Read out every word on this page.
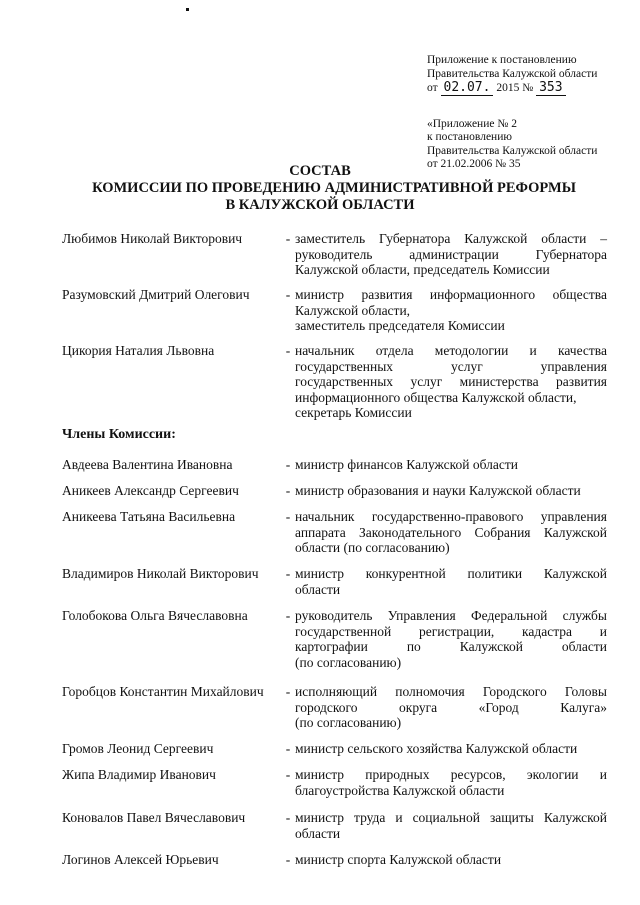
Приложение к постановлению
Правительства Калужской области
от 02.07. 2015 № 353
«Приложение № 2
к постановлению
Правительства Калужской области
от 21.02.2006 № 35
СОСТАВ
КОМИССИИ ПО ПРОВЕДЕНИЮ АДМИНИСТРАТИВНОЙ РЕФОРМЫ
В КАЛУЖСКОЙ ОБЛАСТИ
Члены Комиссии:
Любимов Николай Викторович	- заместитель Губернатора Калужской области –
руководитель администрации Губернатора
Калужской области, председатель Комиссии
Разумовский Дмитрий Олегович	- министр развития информационного общества
Калужской области,
заместитель председателя Комиссии
Цикория Наталия Львовна	- начальник отдела методологии и качества
государственных услуг управления
государственных услуг министерства развития
информационного общества Калужской области,
секретарь Комиссии
Авдеева Валентина Ивановна	- министр финансов Калужской области
Аникеев Александр Сергеевич	- министр образования и науки Калужской области
Аникеева Татьяна Васильевна	- начальник государственно-правового управления
аппарата Законодательного Собрания Калужской
области (по согласованию)
Владимиров Николай Викторович	- министр конкурентной политики Калужской
области
Голобокова Ольга Вячеславовна	- руководитель Управления Федеральной службы
государственной регистрации, кадастра и
картографии по Калужской области
(по согласованию)
Горобцов Константин Михайлович	- исполняющий полномочия Городского Головы
городского округа «Город Калуга»
(по согласованию)
Громов Леонид Сергеевич	- министр сельского хозяйства Калужской области
Жипа Владимир Иванович	- министр природных ресурсов, экологии и
благоустройства Калужской области
Коновалов Павел Вячеславович	- министр труда и социальной защиты Калужской
области
Логинов Алексей Юрьевич	- министр спорта Калужской области
